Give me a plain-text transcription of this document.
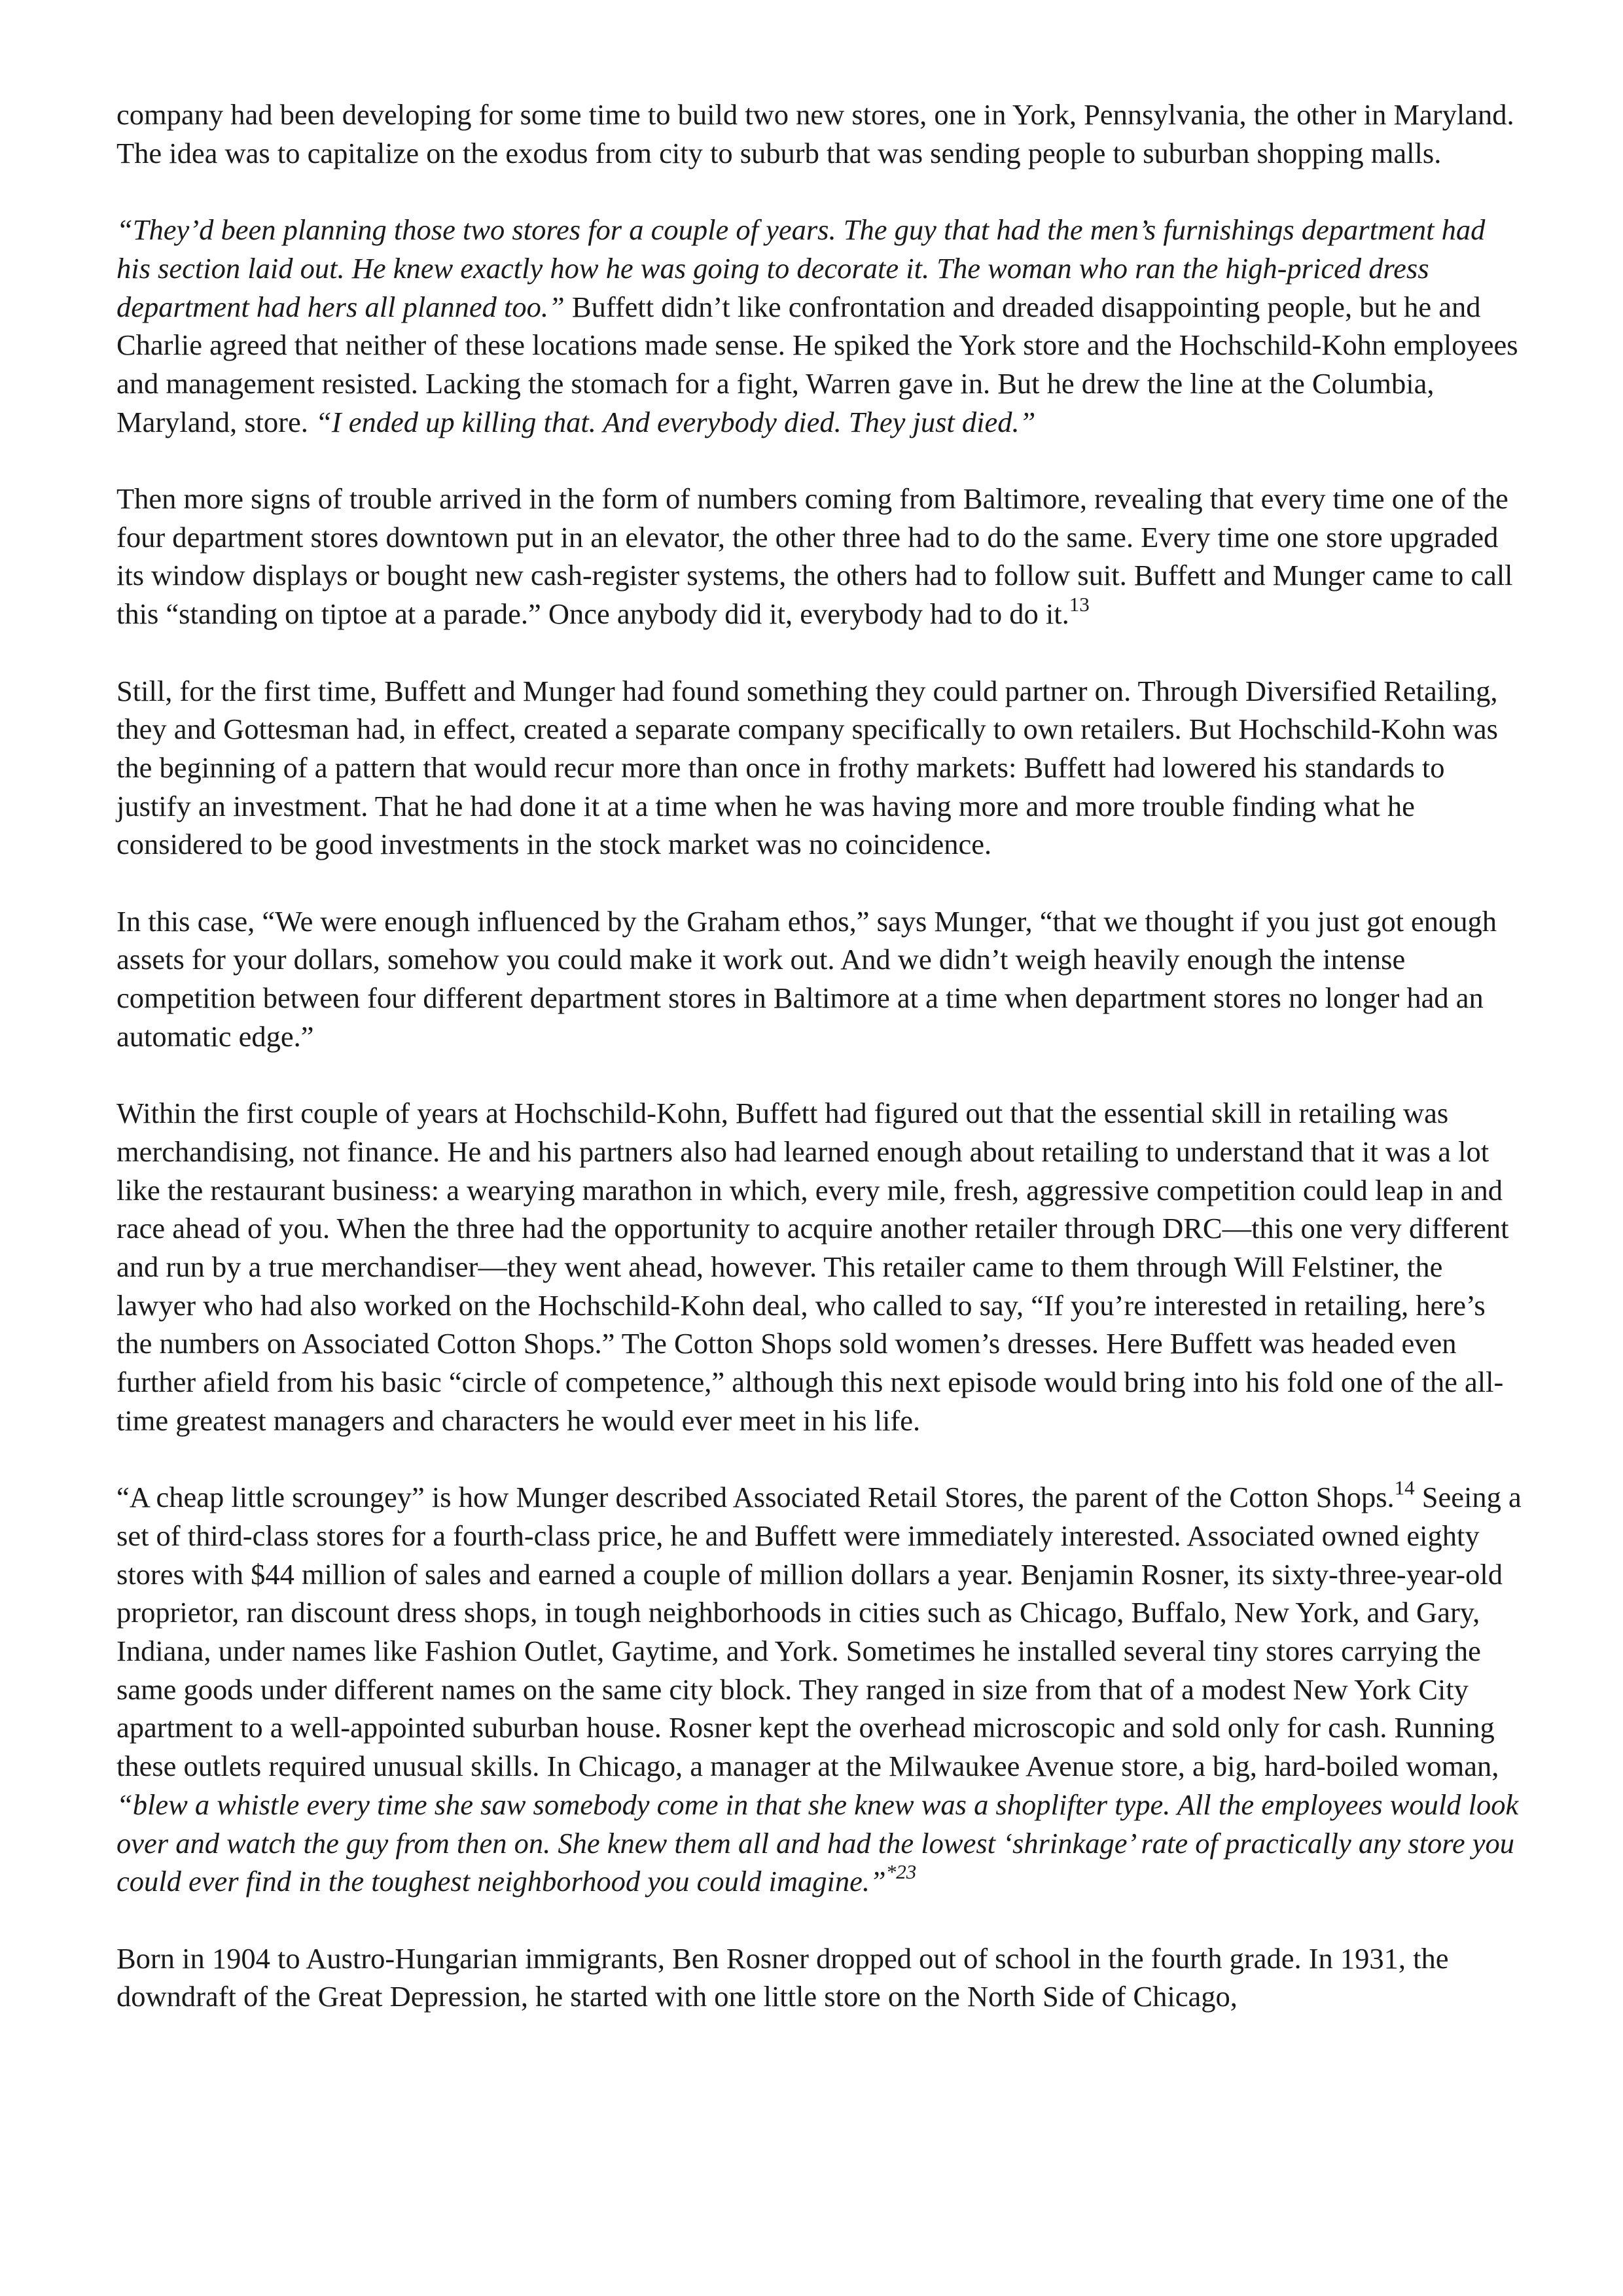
company had been developing for some time to build two new stores, one in York, Pennsylvania, the other in Maryland. The idea was to capitalize on the exodus from city to suburb that was sending people to suburban shopping malls.

“They’d been planning those two stores for a couple of years. The guy that had the men’s furnishings department had his section laid out. He knew exactly how he was going to decorate it. The woman who ran the high-priced dress department had hers all planned too.” Buffett didn’t like confrontation and dreaded disappointing people, but he and Charlie agreed that neither of these locations made sense. He spiked the York store and the Hochschild-Kohn employees and management resisted. Lacking the stomach for a fight, Warren gave in. But he drew the line at the Columbia, Maryland, store. “I ended up killing that. And everybody died. They just died.”

Then more signs of trouble arrived in the form of numbers coming from Baltimore, revealing that every time one of the four department stores downtown put in an elevator, the other three had to do the same. Every time one store upgraded its window displays or bought new cash-register systems, the others had to follow suit. Buffett and Munger came to call this “standing on tiptoe at a parade.” Once anybody did it, everybody had to do it.$^{13}$

Still, for the first time, Buffett and Munger had found something they could partner on. Through Diversified Retailing, they and Gottesman had, in effect, created a separate company specifically to own retailers. But Hochschild-Kohn was the beginning of a pattern that would recur more than once in frothy markets: Buffett had lowered his standards to justify an investment. That he had done it at a time when he was having more and more trouble finding what he considered to be good investments in the stock market was no coincidence.

In this case, “We were enough influenced by the Graham ethos,” says Munger, “that we thought if you just got enough assets for your dollars, somehow you could make it work out. And we didn’t weigh heavily enough the intense competition between four different department stores in Baltimore at a time when department stores no longer had an automatic edge.”

Within the first couple of years at Hochschild-Kohn, Buffett had figured out that the essential skill in retailing was merchandising, not finance. He and his partners also had learned enough about retailing to understand that it was a lot like the restaurant business: a wearying marathon in which, every mile, fresh, aggressive competition could leap in and race ahead of you. When the three had the opportunity to acquire another retailer through DRC—this one very different and run by a true merchandiser—they went ahead, however. This retailer came to them through Will Felstiner, the lawyer who had also worked on the Hochschild-Kohn deal, who called to say, “If you’re interested in retailing, here’s the numbers on Associated Cotton Shops.” The Cotton Shops sold women’s dresses. Here Buffett was headed even further afield from his basic “circle of competence,” although this next episode would bring into his fold one of the all-time greatest managers and characters he would ever meet in his life.

“A cheap little scroungey” is how Munger described Associated Retail Stores, the parent of the Cotton Shops.$^{14}$ Seeing a set of third-class stores for a fourth-class price, he and Buffett were immediately interested. Associated owned eighty stores with $44 million of sales and earned a couple of million dollars a year. Benjamin Rosner, its sixty-three-year-old proprietor, ran discount dress shops, in tough neighborhoods in cities such as Chicago, Buffalo, New York, and Gary, Indiana, under names like Fashion Outlet, Gaytime, and York. Sometimes he installed several tiny stores carrying the same goods under different names on the same city block. They ranged in size from that of a modest New York City apartment to a well-appointed suburban house. Rosner kept the overhead microscopic and sold only for cash. Running these outlets required unusual skills. In Chicago, a manager at the Milwaukee Avenue store, a big, hard-boiled woman, “blew a whistle every time she saw somebody come in that she knew was a shoplifter type. All the employees would look over and watch the guy from then on. She knew them all and had the lowest ‘shrinkage’ rate of practically any store you could ever find in the toughest neighborhood you could imagine.”$^{*23}$

Born in 1904 to Austro-Hungarian immigrants, Ben Rosner dropped out of school in the fourth grade. In 1931, the downdraft of the Great Depression, he started with one little store on the North Side of Chicago,
